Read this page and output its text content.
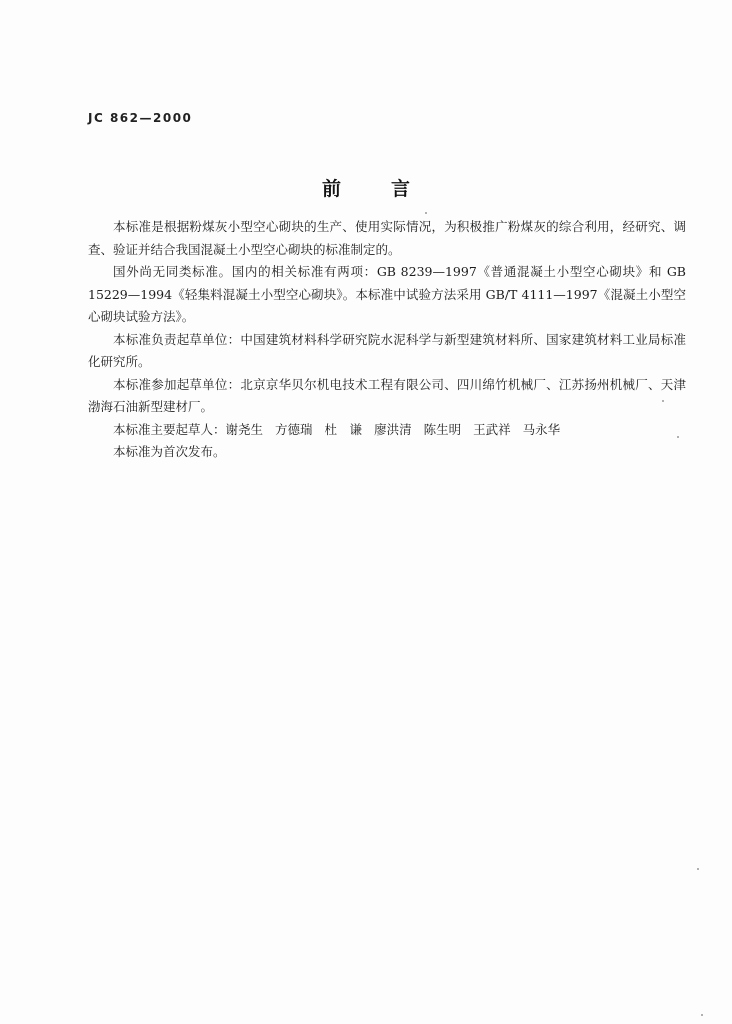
JC 862—2000
前言

本标准是根据粉煤灰小型空心砌块的生产、使用实际情况，为积极推广粉煤灰的综合利用，经研究、调查、验证并结合我国混凝土小型空心砌块的标准制定的。

国外尚无同类标准。国内的相关标准有两项：GB 8239—1997《普通混凝土小型空心砌块》和 GB 15229—1994《轻集料混凝土小型空心砌块》。本标准中试验方法采用 GB/T 4111—1997《混凝土小型空心砌块试验方法》。

本标准负责起草单位：中国建筑材料科学研究院水泥科学与新型建筑材料所、国家建筑材料工业局标准化研究所。

本标准参加起草单位：北京京华贝尔机电技术工程有限公司、四川绵竹机械厂、江苏扬州机械厂、天津渤海石油新型建材厂。

本标准主要起草人：谢尧生 方德瑞 杜　谦 廖洪清 陈生明 王武祥 马永华

本标准为首次发布。
